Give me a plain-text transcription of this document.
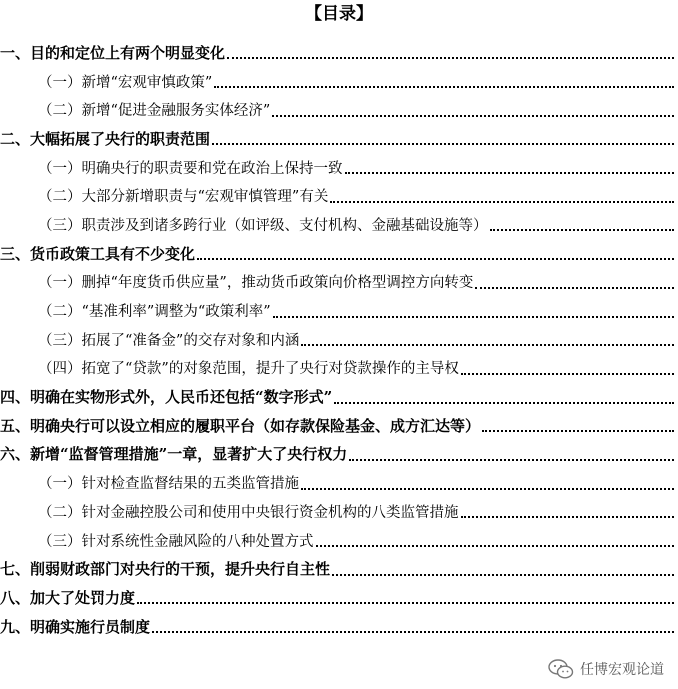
【目录】
一、目的和定位上有两个明显变化
（一）新增“宏观审慎政策”
（二）新增“促进金融服务实体经济”
二、大幅拓展了央行的职责范围
（一）明确央行的职责要和党在政治上保持一致
（二）大部分新增职责与“宏观审慎管理”有关
（三）职责涉及到诸多跨行业（如评级、支付机构、金融基础设施等）
三、货币政策工具有不少变化
（一）删掉“年度货币供应量”，推动货币政策向价格型调控方向转变
（二）“基准利率”调整为“政策利率”
（三）拓展了“准备金”的交存对象和内涵
（四）拓宽了“贷款”的对象范围，提升了央行对贷款操作的主导权
四、明确在实物形式外，人民币还包括“数字形式”
五、明确央行可以设立相应的履职平台（如存款保险基金、成方汇达等）
六、新增“监督管理措施”一章，显著扩大了央行权力
（一）针对检查监督结果的五类监管措施
（二）针对金融控股公司和使用中央银行资金机构的八类监管措施
（三）针对系统性金融风险的八种处置方式
七、削弱财政部门对央行的干预，提升央行自主性
八、加大了处罚力度
九、明确实施行员制度
任博宏观论道
